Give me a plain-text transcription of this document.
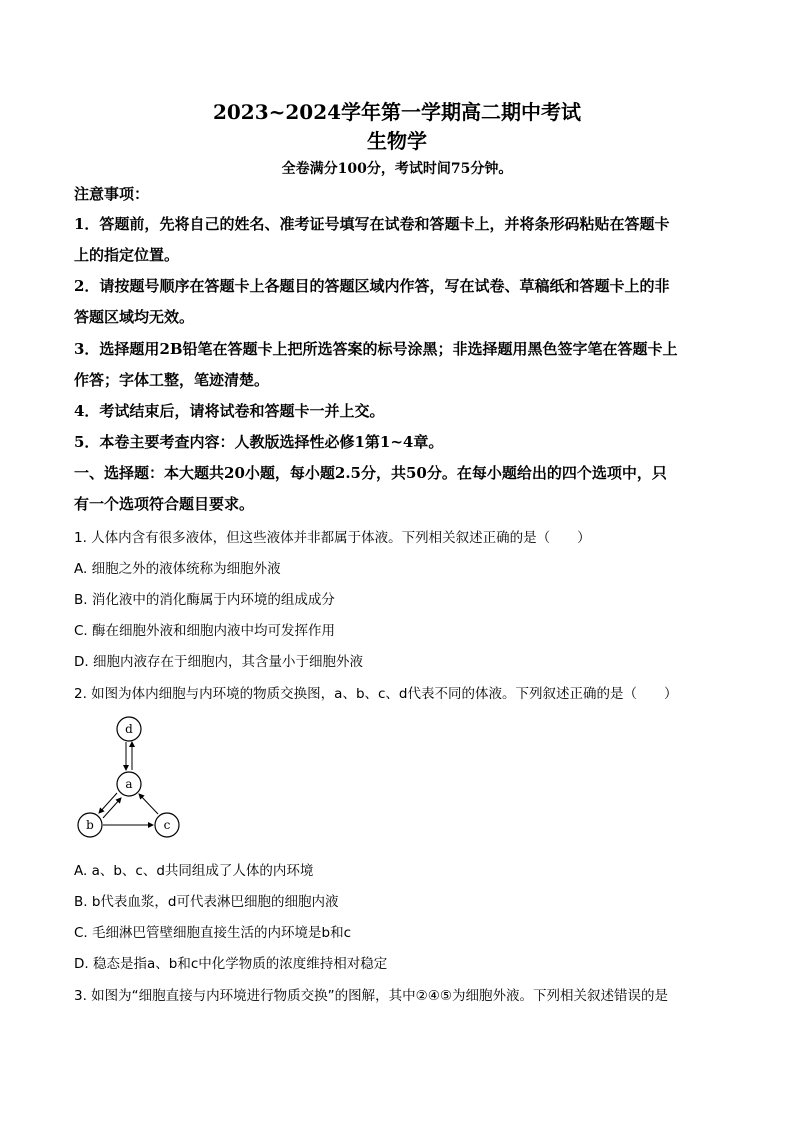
2023~2024学年第一学期高二期中考试
生物学
全卷满分100分，考试时间75分钟。
注意事项：
1．答题前，先将自己的姓名、准考证号填写在试卷和答题卡上，并将条形码粘贴在答题卡
上的指定位置。
2．请按题号顺序在答题卡上各题目的答题区域内作答，写在试卷、草稿纸和答题卡上的非
答题区域均无效。
3．选择题用2B铅笔在答题卡上把所选答案的标号涂黑；非选择题用黑色签字笔在答题卡上
作答；字体工整，笔迹清楚。
4．考试结束后，请将试卷和答题卡一并上交。
5．本卷主要考查内容：人教版选择性必修1第1~4章。
一、选择题：本大题共20小题，每小题2.5分，共50分。在每小题给出的四个选项中，只
有一个选项符合题目要求。
1. 人体内含有很多液体，但这些液体并非都属于体液。下列相关叙述正确的是（　　）
A. 细胞之外的液体统称为细胞外液
B. 消化液中的消化酶属于内环境的组成成分
C. 酶在细胞外液和细胞内液中均可发挥作用
D. 细胞内液存在于细胞内，其含量小于细胞外液
2. 如图为体内细胞与内环境的物质交换图，a、b、c、d代表不同的体液。下列叙述正确的是（　　）
d
a
b	c
A. a、b、c、d共同组成了人体的内环境
B. b代表血浆，d可代表淋巴细胞的细胞内液
C. 毛细淋巴管壁细胞直接生活的内环境是b和c
D. 稳态是指a、b和c中化学物质的浓度维持相对稳定
3. 如图为“细胞直接与内环境进行物质交换”的图解，其中②④⑤为细胞外液。下列相关叙述错误的是
